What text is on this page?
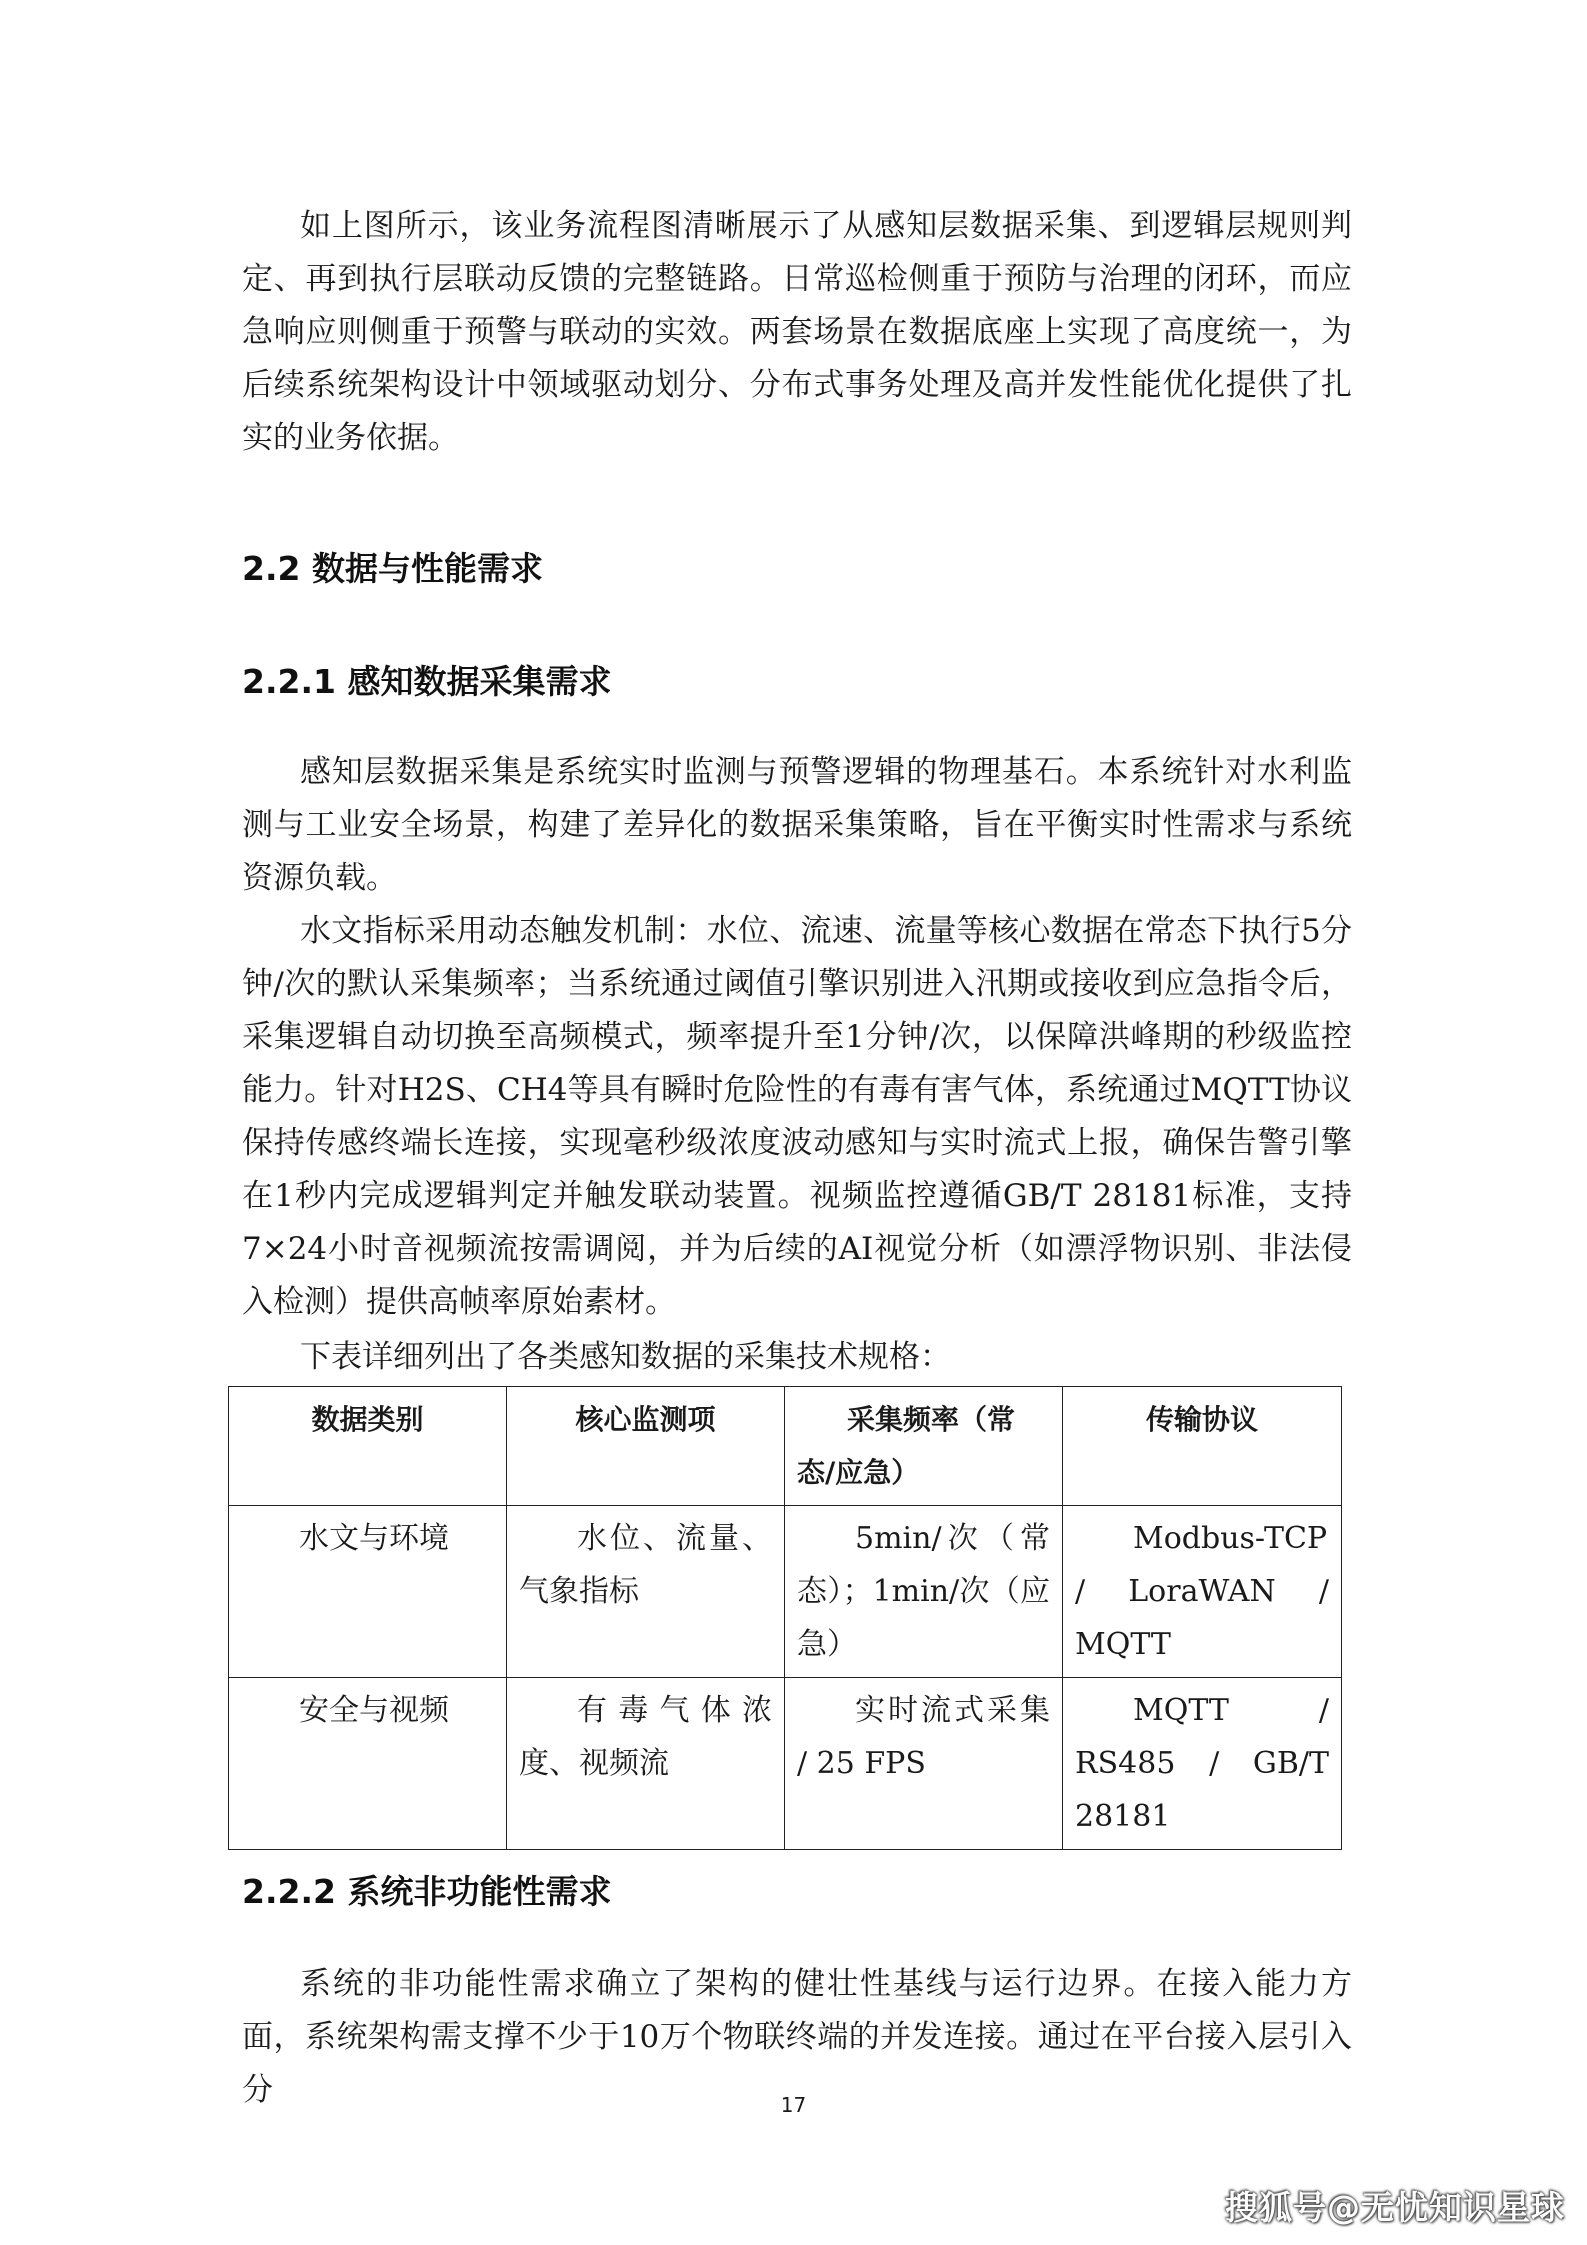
如上图所示，该业务流程图清晰展示了从感知层数据采集、到逻辑层规则判定、再到执行层联动反馈的完整链路。日常巡检侧重于预防与治理的闭环，而应急响应则侧重于预警与联动的实效。两套场景在数据底座上实现了高度统一，为后续系统架构设计中领域驱动划分、分布式事务处理及高并发性能优化提供了扎实的业务依据。

2.2 数据与性能需求
2.2.1 感知数据采集需求

感知层数据采集是系统实时监测与预警逻辑的物理基石。本系统针对水利监测与工业安全场景，构建了差异化的数据采集策略，旨在平衡实时性需求与系统资源负载。

水文指标采用动态触发机制：水位、流速、流量等核心数据在常态下执行5分钟/次的默认采集频率；当系统通过阈值引擎识别进入汛期或接收到应急指令后，采集逻辑自动切换至高频模式，频率提升至1分钟/次，以保障洪峰期的秒级监控能力。针对H2S、CH4等具有瞬时危险性的有毒有害气体，系统通过MQTT协议保持传感终端长连接，实现毫秒级浓度波动感知与实时流式上报，确保告警引擎在1秒内完成逻辑判定并触发联动装置。视频监控遵循GB/T 28181标准，支持7×24小时音视频流按需调阅，并为后续的AI视觉分析（如漂浮物识别、非法侵入检测）提供高帧率原始素材。

下表详细列出了各类感知数据的采集技术规格：

数据类别	核心监测项	采集频率（常态/应急）	传输协议
水文与环境	水位、流量、气象指标	5min/次（常态）；1min/次（应急）	Modbus-TCP / LoraWAN / MQTT
安全与视频	有毒气体浓度、视频流	实时流式采集 / 25 FPS	MQTT / RS485 / GB/T 28181
2.2.2 系统非功能性需求

系统的非功能性需求确立了架构的健壮性基线与运行边界。在接入能力方面，系统架构需支撑不少于10万个物联终端的并发连接。通过在平台接入层引入分	17
搜狐号@无忧知识星球
